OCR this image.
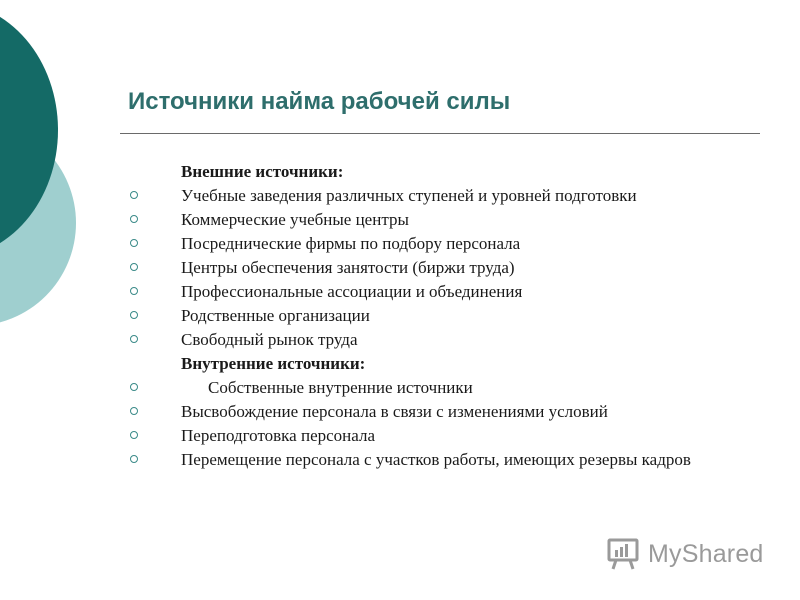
Источники найма рабочей силы
Внешние источники:
Учебные заведения различных ступеней и уровней подготовки
Коммерческие учебные центры
Посреднические фирмы по подбору персонала
Центры обеспечения занятости (биржи труда)
Профессиональные ассоциации и объединения
Родственные организации
Свободный рынок труда
Внутренние источники:
Собственные внутренние источники
Высвобождение персонала в связи с изменениями условий
Переподготовка персонала
Перемещение персонала с участков работы, имеющих резервы кадров
MyShared
